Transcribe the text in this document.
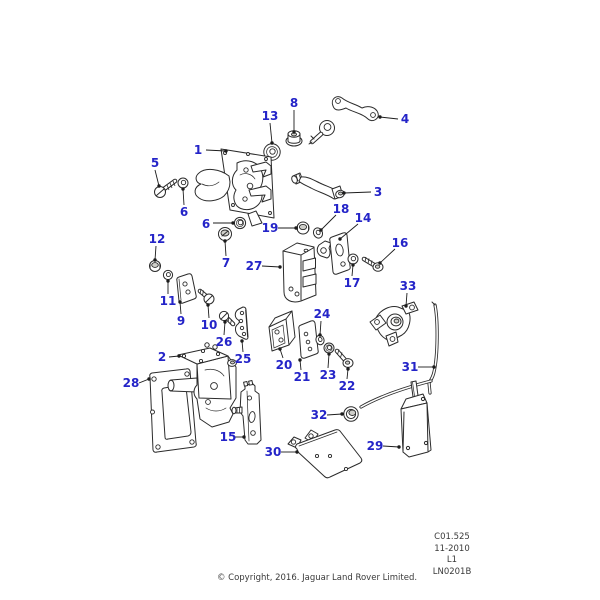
1
2
3
4
5
6
6
7
8
9 10
11
12
13
14
15
16
17
18
19
20
21
22
23
24
25
26
27
28
29
30
31
32
33
C01.525
11-2010
L1
LN0201B
© Copyright, 2016. Jaguar Land Rover Limited.
